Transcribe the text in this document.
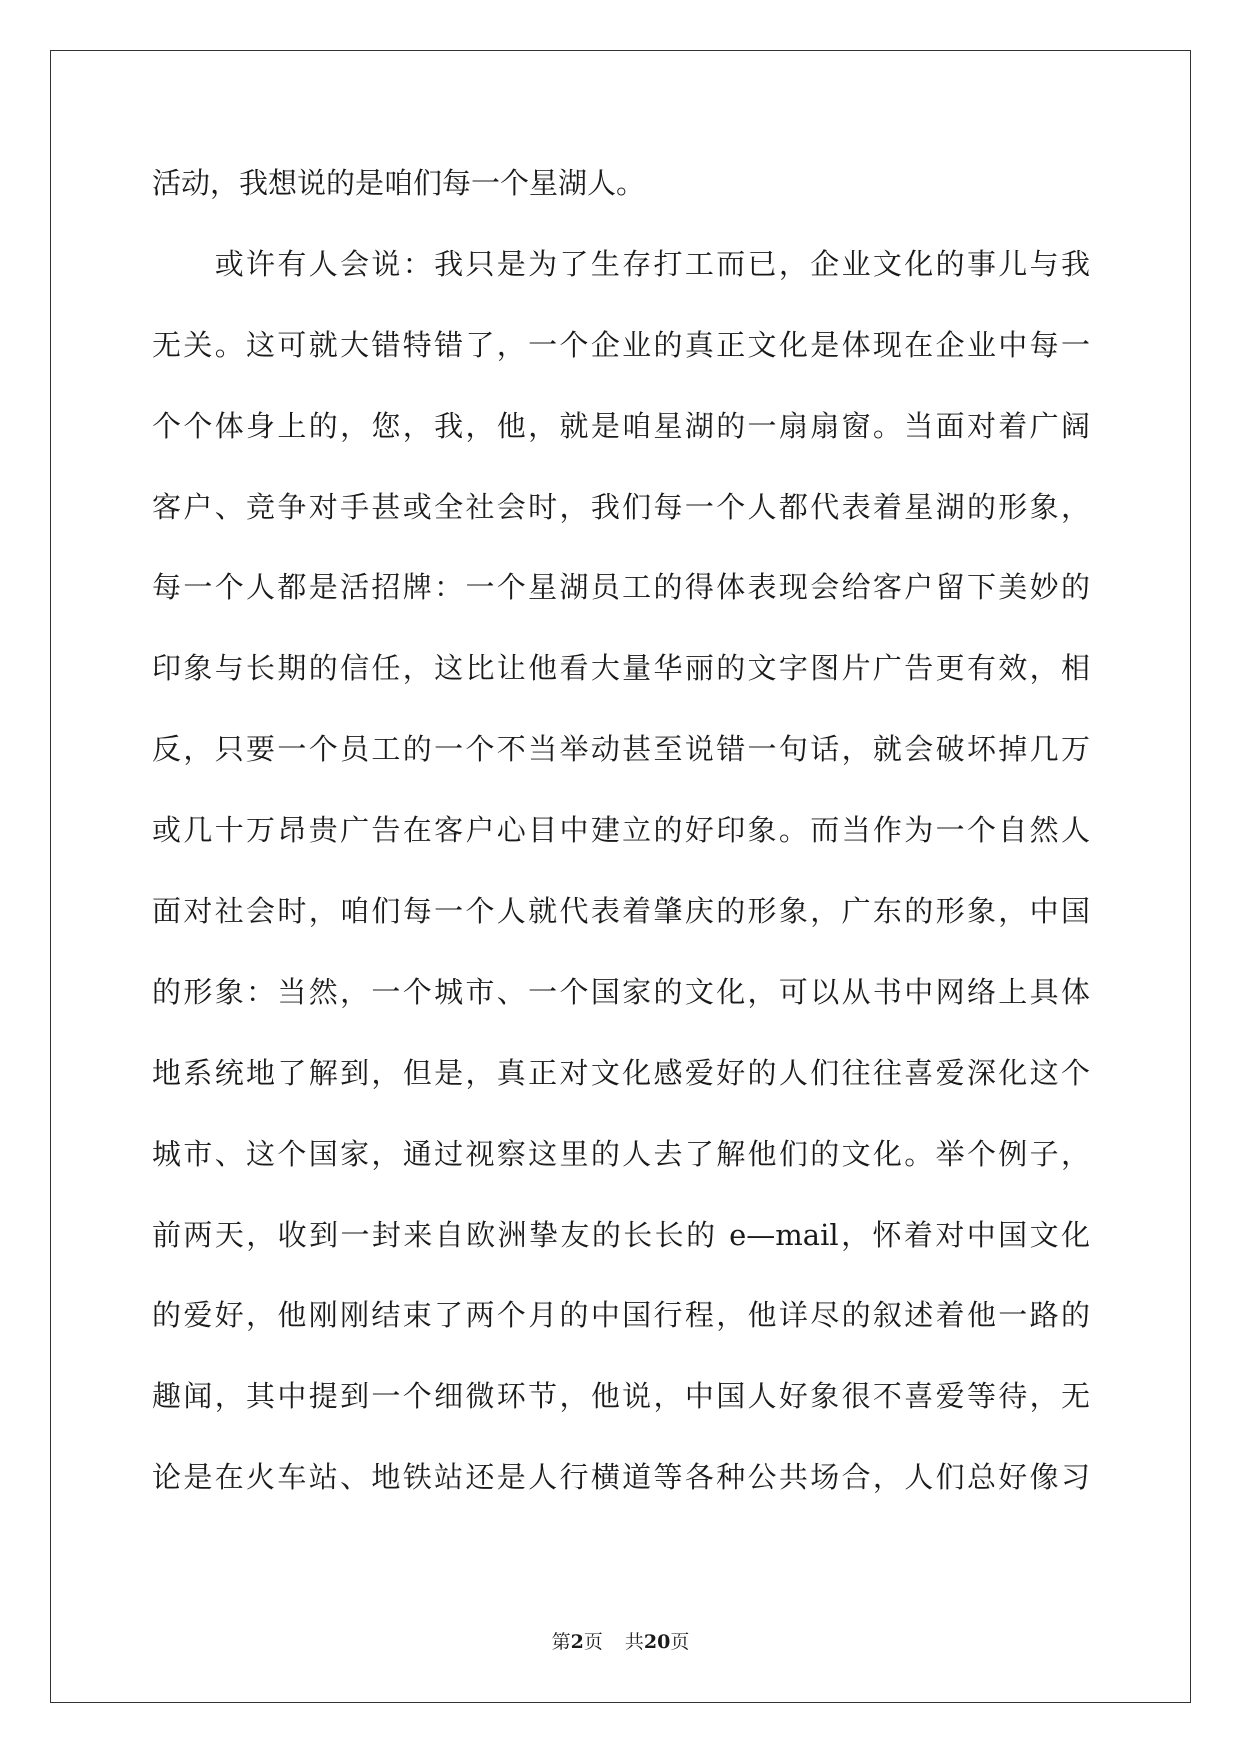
活动，我想说的是咱们每一个星湖人。
　　或许有人会说：我只是为了生存打工而已，企业文化的事儿与我
无关。这可就大错特错了，一个企业的真正文化是体现在企业中每一
个个体身上的，您，我，他，就是咱星湖的一扇扇窗。当面对着广阔
客户、竞争对手甚或全社会时，我们每一个人都代表着星湖的形象，
每一个人都是活招牌：一个星湖员工的得体表现会给客户留下美妙的
印象与长期的信任，这比让他看大量华丽的文字图片广告更有效，相
反，只要一个员工的一个不当举动甚至说错一句话，就会破坏掉几万
或几十万昂贵广告在客户心目中建立的好印象。而当作为一个自然人
面对社会时，咱们每一个人就代表着肇庆的形象，广东的形象，中国
的形象：当然，一个城市、一个国家的文化，可以从书中网络上具体
地系统地了解到，但是，真正对文化感爱好的人们往往喜爱深化这个
城市、这个国家，通过视察这里的人去了解他们的文化。举个例子，
前两天，收到一封来自欧洲挚友的长长的 e—mail，怀着对中国文化
的爱好，他刚刚结束了两个月的中国行程，他详尽的叙述着他一路的
趣闻，其中提到一个细微环节，他说，中国人好象很不喜爱等待，无
论是在火车站、地铁站还是人行横道等各种公共场合，人们总好像习
第2页 共20页
